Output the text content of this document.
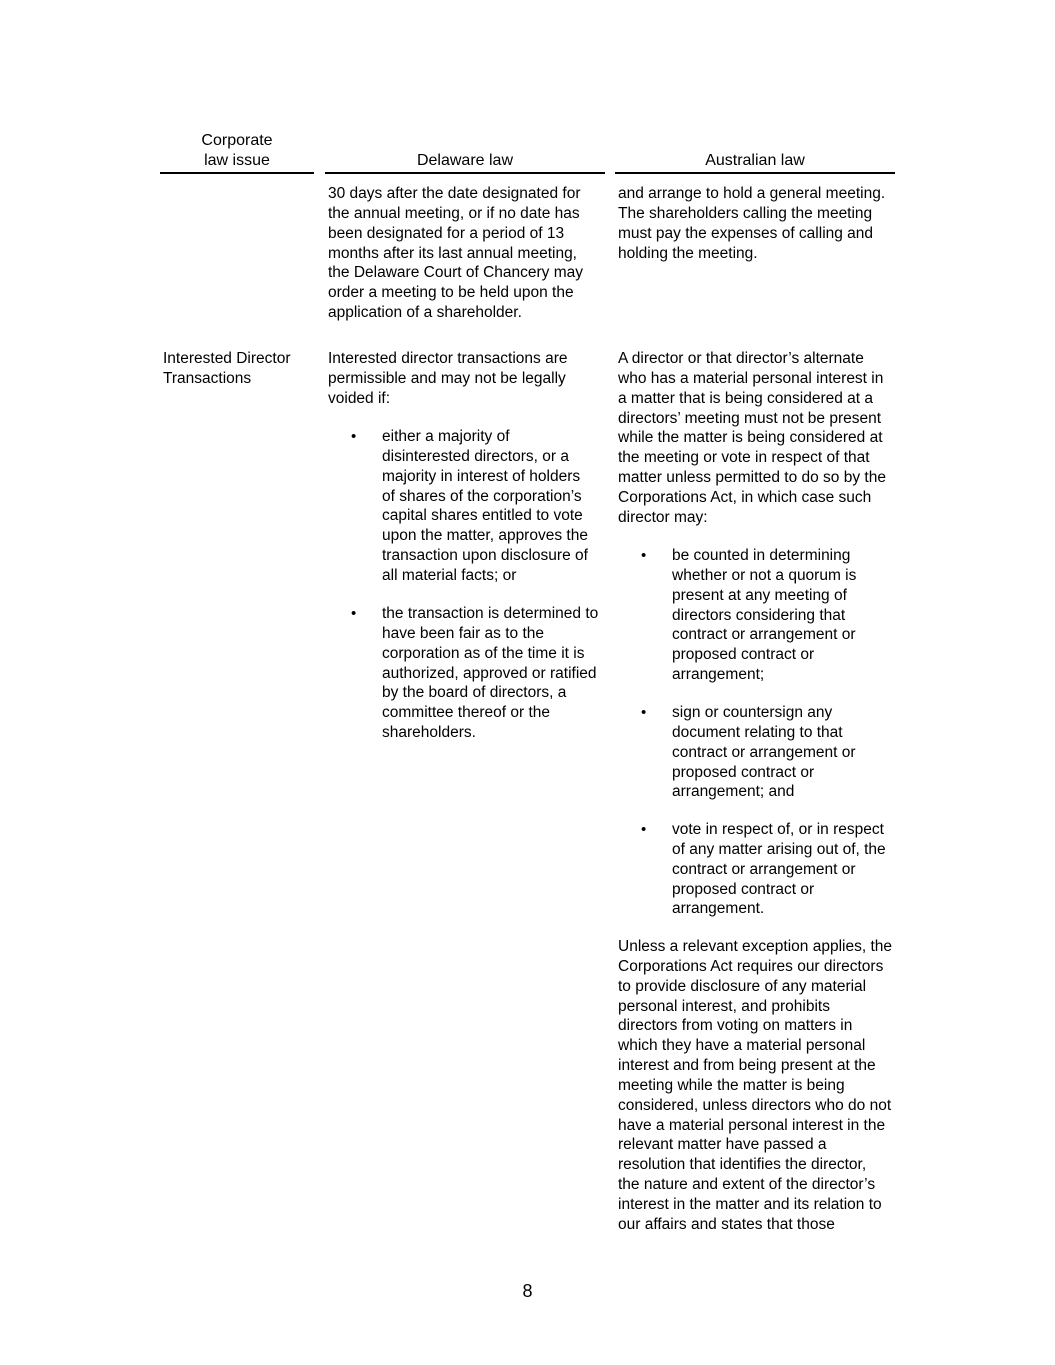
Corporate
law issue	Delaware law	Australian law
30 days after the date designated for
the annual meeting, or if no date has
been designated for a period of 13
months after its last annual meeting,
the Delaware Court of Chancery may
order a meeting to be held upon the
application of a shareholder.
and arrange to hold a general meeting.
The shareholders calling the meeting
must pay the expenses of calling and
holding the meeting.
Interested Director
Transactions
Interested director transactions are
permissible and may not be legally
voided if:
• either a majority of
disinterested directors, or a
majority in interest of holders
of shares of the corporation’s
capital shares entitled to vote
upon the matter, approves the
transaction upon disclosure of
all material facts; or
• the transaction is determined to
have been fair as to the
corporation as of the time it is
authorized, approved or ratified
by the board of directors, a
committee thereof or the
shareholders.
A director or that director’s alternate
who has a material personal interest in
a matter that is being considered at a
directors’ meeting must not be present
while the matter is being considered at
the meeting or vote in respect of that
matter unless permitted to do so by the
Corporations Act, in which case such
director may:
• be counted in determining
whether or not a quorum is
present at any meeting of
directors considering that
contract or arrangement or
proposed contract or
arrangement;
• sign or countersign any
document relating to that
contract or arrangement or
proposed contract or
arrangement; and
• vote in respect of, or in respect
of any matter arising out of, the
contract or arrangement or
proposed contract or
arrangement.
Unless a relevant exception applies, the
Corporations Act requires our directors
to provide disclosure of any material
personal interest, and prohibits
directors from voting on matters in
which they have a material personal
interest and from being present at the
meeting while the matter is being
considered, unless directors who do not
have a material personal interest in the
relevant matter have passed a
resolution that identifies the director,
the nature and extent of the director’s
interest in the matter and its relation to
our affairs and states that those
8
